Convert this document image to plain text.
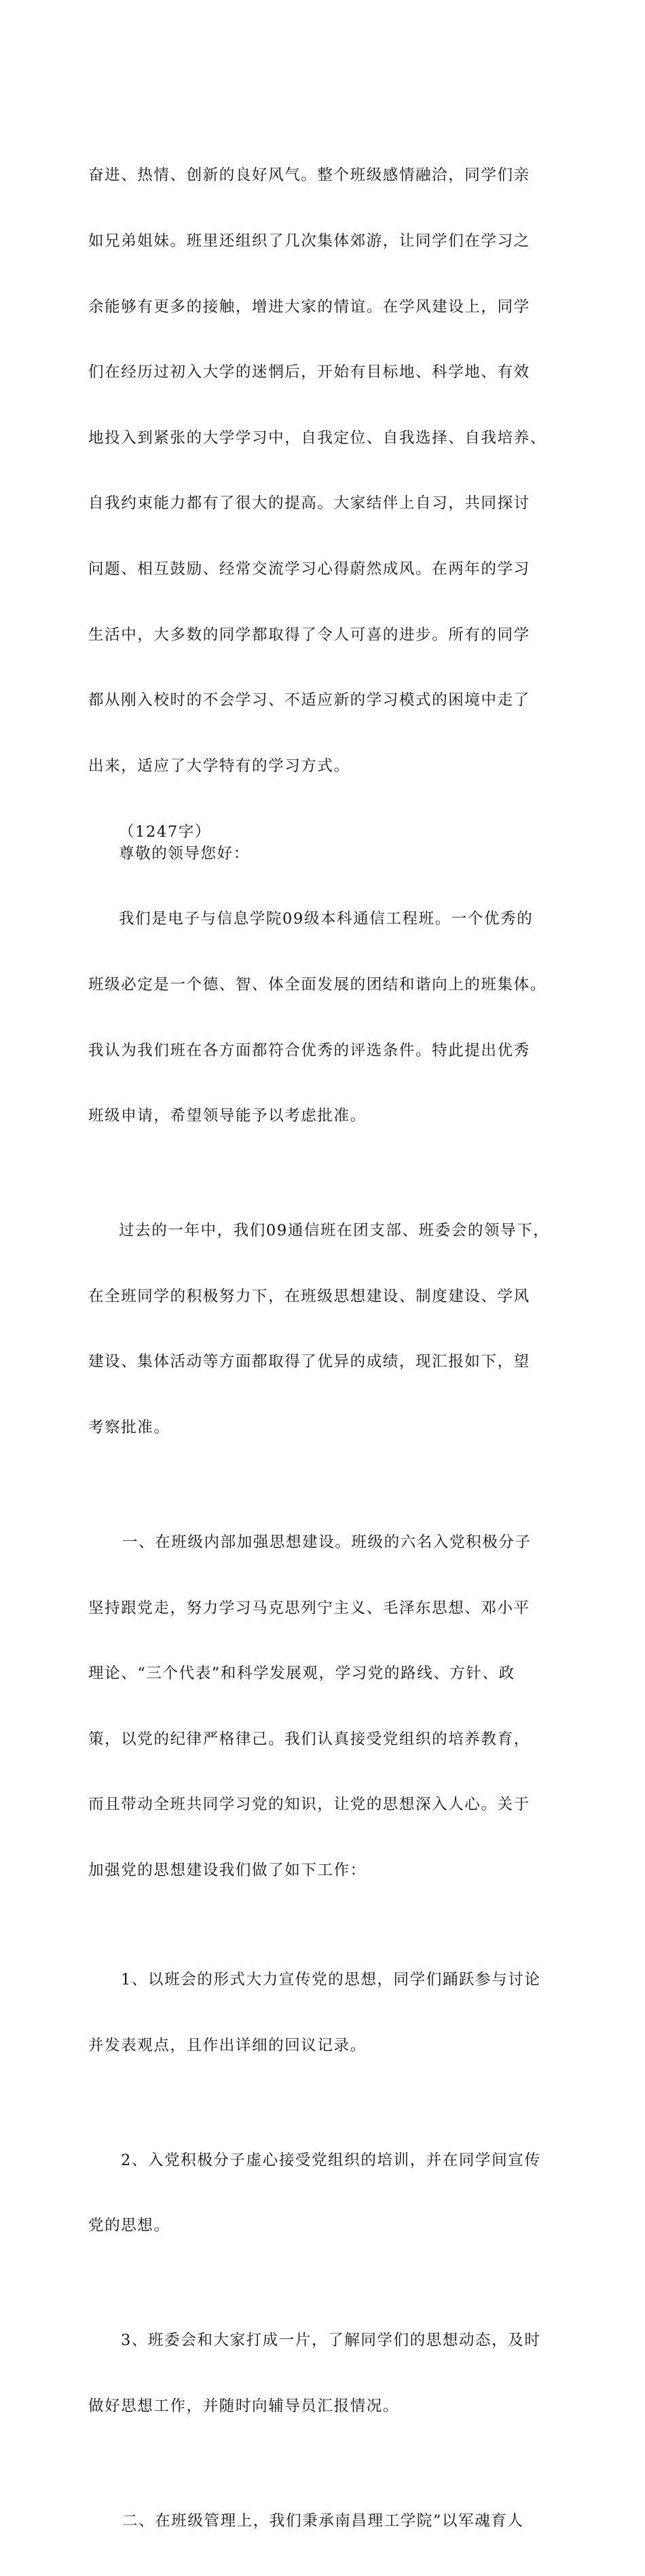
奋进、热情、创新的良好风气。整个班级感情融洽，同学们亲

如兄弟姐妹。班里还组织了几次集体郊游，让同学们在学习之

余能够有更多的接触，增进大家的情谊。在学风建设上，同学

们在经历过初入大学的迷惘后，开始有目标地、科学地、有效

地投入到紧张的大学学习中，自我定位、自我选择、自我培养、

自我约束能力都有了很大的提高。大家结伴上自习，共同探讨

问题、相互鼓励、经常交流学习心得蔚然成风。在两年的学习

生活中，大多数的同学都取得了令人可喜的进步。所有的同学

都从刚入校时的不会学习、不适应新的学习模式的困境中走了

出来，适应了大学特有的学习方式。

（1247字）

尊敬的领导您好：

我们是电子与信息学院09级本科通信工程班。一个优秀的

班级必定是一个德、智、体全面发展的团结和谐向上的班集体。

我认为我们班在各方面都符合优秀的评选条件。特此提出优秀

班级申请，希望领导能予以考虑批准。

过去的一年中，我们09通信班在团支部、班委会的领导下，

在全班同学的积极努力下，在班级思想建设、制度建设、学风

建设、集体活动等方面都取得了优异的成绩，现汇报如下，望

考察批准。

一、在班级内部加强思想建设。班级的六名入党积极分子

坚持跟党走，努力学习马克思列宁主义、毛泽东思想、邓小平

理论、“三个代表”和科学发展观，学习党的路线、方针、政

策，以党的纪律严格律己。我们认真接受党组织的培养教育，

而且带动全班共同学习党的知识，让党的思想深入人心。关于

加强党的思想建设我们做了如下工作：

1、以班会的形式大力宣传党的思想，同学们踊跃参与讨论

并发表观点，且作出详细的回议记录。

2、入党积极分子虚心接受党组织的培训，并在同学间宣传

党的思想。

3、班委会和大家打成一片，了解同学们的思想动态，及时

做好思想工作，并随时向辅导员汇报情况。

二、在班级管理上，我们秉承南昌理工学院”以军魂育人
